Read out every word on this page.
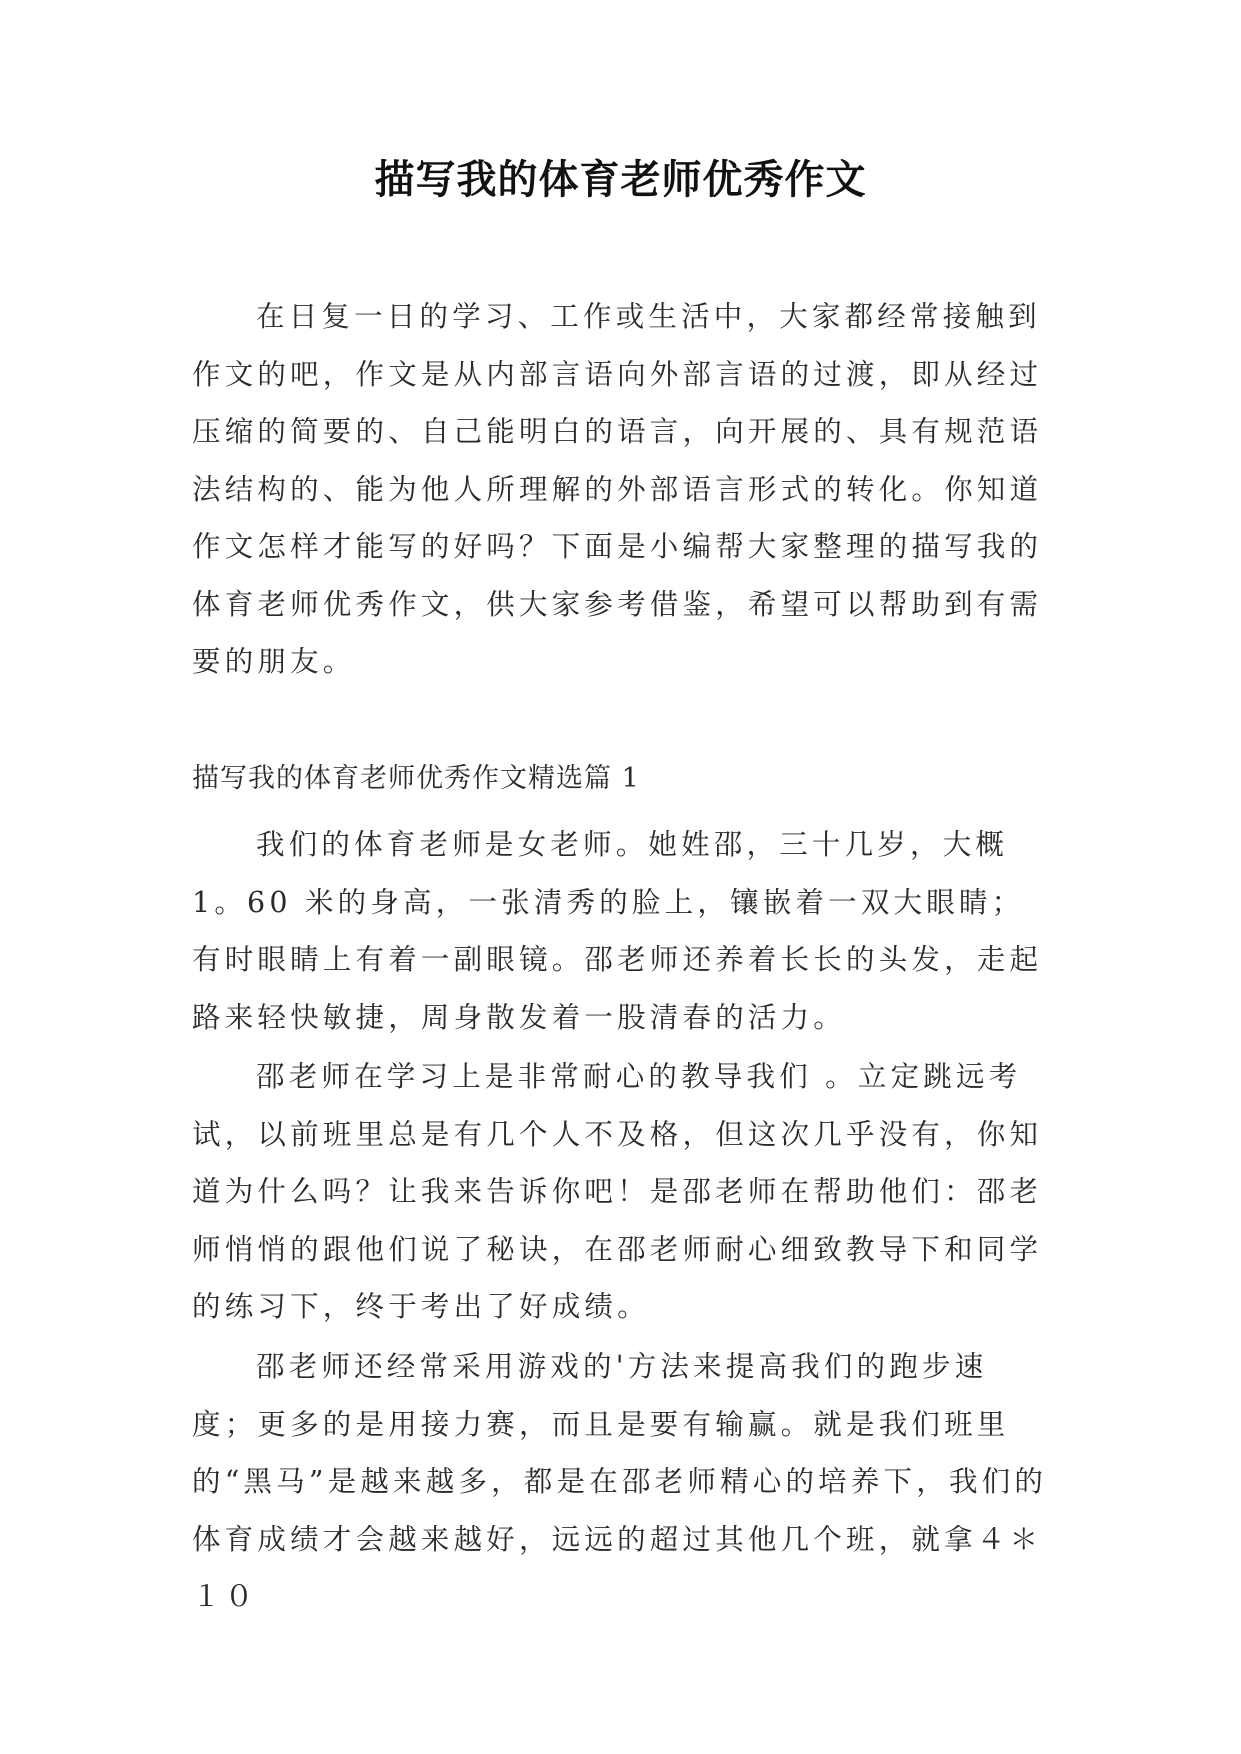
描写我的体育老师优秀作文

在日复一日的学习、工作或生活中，大家都经常接触到作文的吧，作文是从内部言语向外部言语的过渡，即从经过压缩的简要的、自己能明白的语言，向开展的、具有规范语法结构的、能为他人所理解的外部语言形式的转化。你知道作文怎样才能写的好吗？下面是小编帮大家整理的描写我的体育老师优秀作文，供大家参考借鉴，希望可以帮助到有需要的朋友。

描写我的体育老师优秀作文精选篇 1

我们的体育老师是女老师。她姓邵，三十几岁，大概 1。60 米的身高，一张清秀的脸上，镶嵌着一双大眼睛；有时眼睛上有着一副眼镜。邵老师还养着长长的头发，走起路来轻快敏捷，周身散发着一股清春的活力。

邵老师在学习上是非常耐心的教导我们 。立定跳远考试，以前班里总是有几个人不及格，但这次几乎没有，你知道为什么吗？让我来告诉你吧！是邵老师在帮助他们：邵老师悄悄的跟他们说了秘诀，在邵老师耐心细致教导下和同学的练习下，终于考出了好成绩。

邵老师还经常采用游戏的'方法来提高我们的跑步速度；更多的是用接力赛，而且是要有输赢。就是我们班里的“黑马”是越来越多，都是在邵老师精心的培养下，我们的体育成绩才会越来越好，远远的超过其他几个班，就拿４＊１０
